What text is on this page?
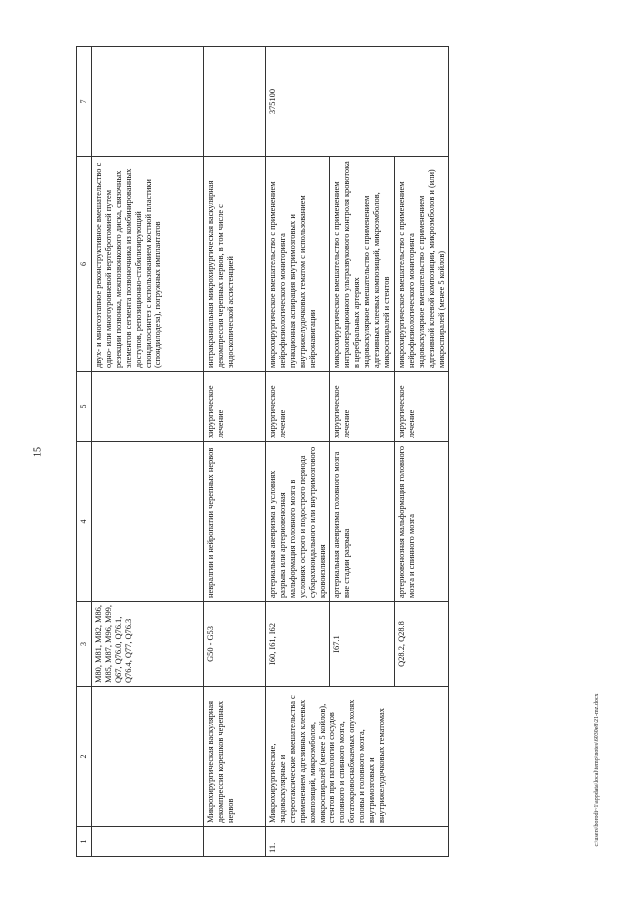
15
c:\users\borodi~1\appdata\local\temp\notes\6030e8\21-mz.docx
1	2	3	4	5	6	7
		M80, M81, M82, M86, M85, M87, M96, M99, Q67, Q76.0, Q76.1, Q76.4, Q77, Q76.3			двух- и многоэтапное реконструктивное вмешательство с одно- или многоуровневой вертебротомией путем резекции позвонка, межпозвонкового диска, связочных элементов сегмента позвоночника из комбинированных доступов, репозиционно-стабилизирующий спондилосинтез с использованием костной пластики (спондилодеза), погружных имплантатов	
	Микрохирургическая васкулярная декомпрессия корешков черепных нервов	G50 - G53	невралгии и нейропатии черепных нервов	хирургическое лечение	интракраниальная микрохирургическая васкулярная декомпрессия черепных нервов, в том числе с эндоскопической ассистенцией	
11.	Микрохирургические, эндоваскулярные и стереотаксические вмешательства с применением адгезивных клеевых композиций, микроэмболов, микроспиралей (менее 5 койлов), стентов при патологии сосудов головного и спинного мозга, богатокровоснабжаемых опухолях головы и головного мозга, внутримозговых и внутрижелудочковых гематомах	I60, I61, I62	артериальная аневризма в условиях разрыва или артериовенозная мальформация головного мозга в условиях острого и подострого периода субарахноидального или внутримозгового кровоизлияния	хирургическое лечение	микрохирургическое вмешательство с применением нейрофизиологического мониторинга пункционная аспирация внутримозговых и внутрижелудочковых гематом с использованием нейронавигации	375100
		I67.1	артериальная аневризма головного мозга вне стадии разрыва	хирургическое лечение	микрохирургическое вмешательство с применением интраоперационного ультразвукового контроля кровотока в церебральных артериях эндоваскулярное вмешательство с применением адгезивных клеевых композиций, микроэмболов, микроспиралей и стентов	

		Q28.2, Q28.8	артериовенозная мальформация головного мозга и спинного мозга	хирургическое лечение	микрохирургическое вмешательство с применением нейрофизиологического мониторинга эндоваскулярное вмешательство с применением адгезивной клеевой композиции, микроэмболов и (или) микроспиралей (менее 5 койлов)	
